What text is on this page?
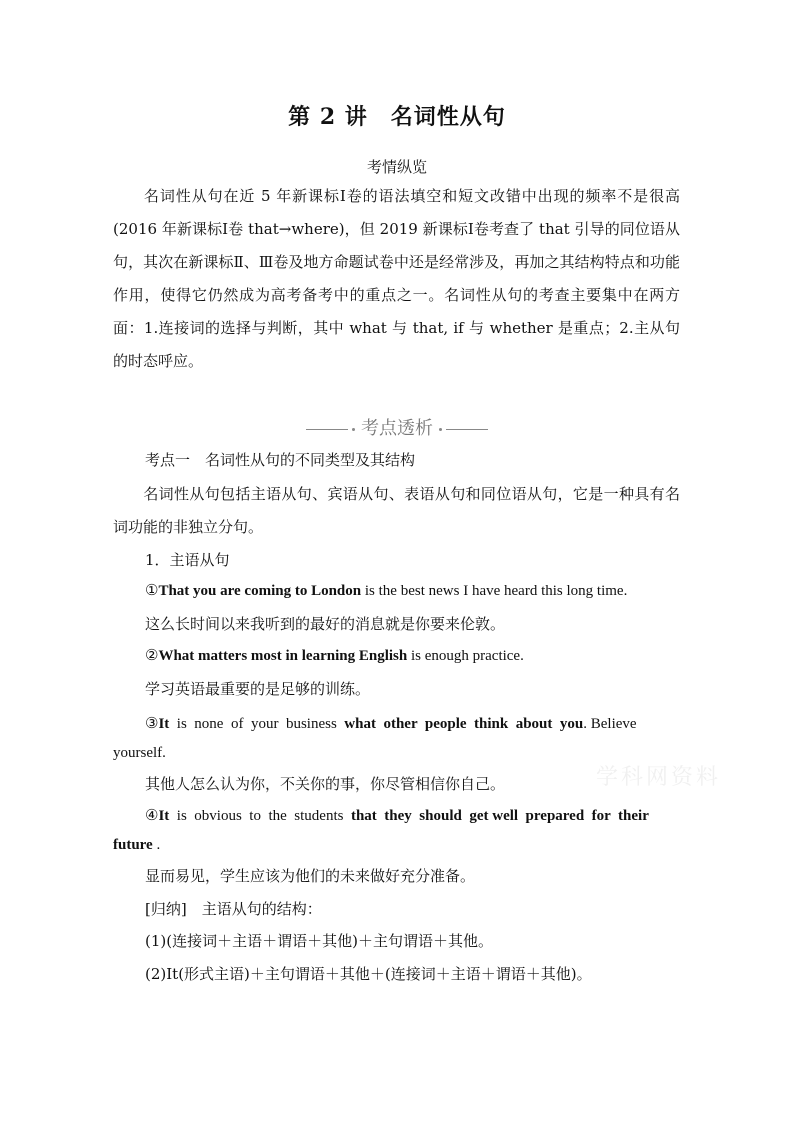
第 2 讲　名词性从句
考情纵览
名词性从句在近 5 年新课标Ⅰ卷的语法填空和短文改错中出现的频率不是很高(2016 年新课标Ⅰ卷 that→where)，但 2019 新课标Ⅰ卷考查了 that 引导的同位语从句，其次在新课标Ⅱ、Ⅲ卷及地方命题试卷中还是经常涉及，再加之其结构特点和功能作用，使得它仍然成为高考备考中的重点之一。名词性从句的考查主要集中在两方面：1.连接词的选择与判断，其中 what 与 that, if 与 whether 是重点；2.主从句的时态呼应。
考点透析
考点一　名词性从句的不同类型及其结构
名词性从句包括主语从句、宾语从句、表语从句和同位语从句，它是一种具有名词功能的非独立分句。
1．主语从句
①That you are coming to London is the best news I have heard this long time.
这么长时间以来我听到的最好的消息就是你要来伦敦。
②What matters most in learning English is enough practice.
学习英语最重要的是足够的训练。
③It  is  none  of  your  business  what  other  people  think  about  you. Believe yourself.
其他人怎么认为你，不关你的事，你尽管相信你自己。
④It  is  obvious  to  the  students  that  they  should  get well  prepared  for  their  future .
显而易见，学生应该为他们的未来做好充分准备。
[归纳]　主语从句的结构：
(1)(连接词＋主语＋谓语＋其他)＋主句谓语＋其他。
(2)It(形式主语)＋主句谓语＋其他＋(连接词＋主语＋谓语＋其他)。
学科网资料
